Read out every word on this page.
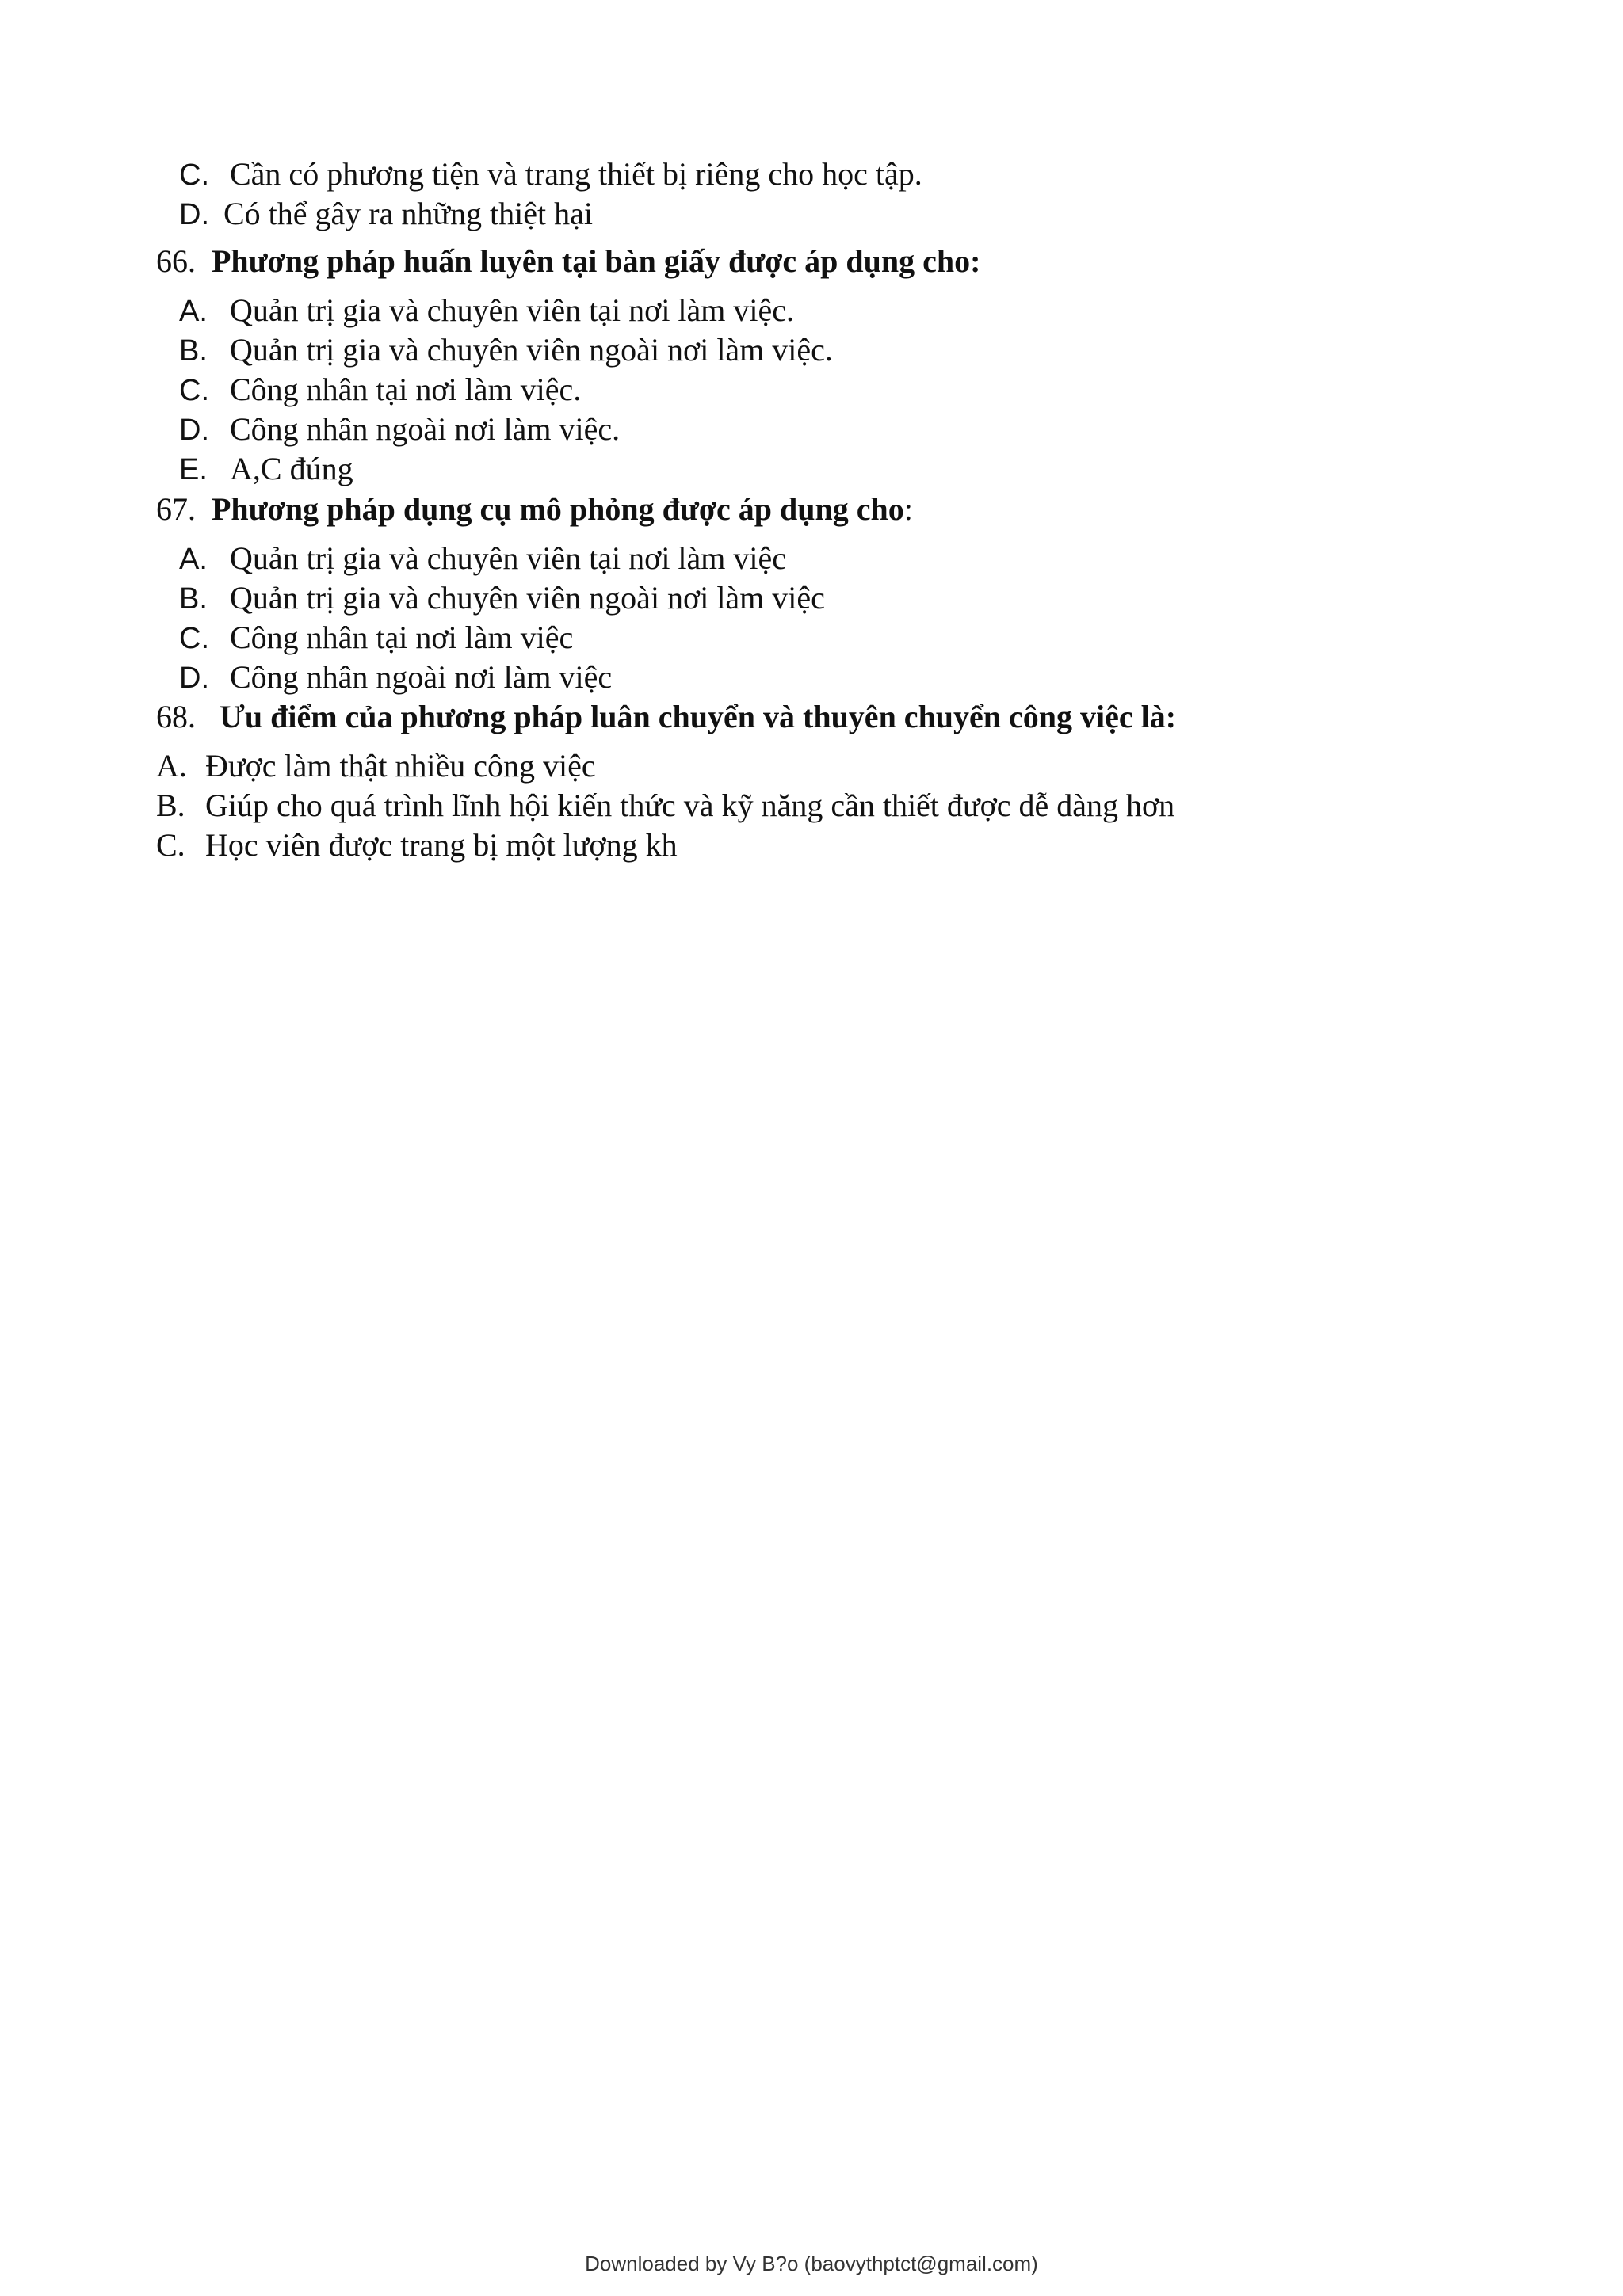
C. Cần có phương tiện và trang thiết bị riêng cho học tập.
D. Có thể gây ra những thiệt hại
66. Phương pháp huấn luyên tại bàn giấy được áp dụng cho:
A. Quản trị gia và chuyên viên tại nơi làm việc.
B. Quản trị gia và chuyên viên ngoài nơi làm việc.
C. Công nhân tại nơi làm việc.
D. Công nhân ngoài nơi làm việc.
E. A,C đúng
67. Phương pháp dụng cụ mô phỏng được áp dụng cho:
A. Quản trị gia và chuyên viên tại nơi làm việc
B. Quản trị gia và chuyên viên ngoài nơi làm việc
C. Công nhân tại nơi làm việc
D. Công nhân ngoài nơi làm việc
68. Ưu điểm của phương pháp luân chuyển và thuyên chuyển công việc là:
A. Được làm thật nhiều công việc
B. Giúp cho quá trình lĩnh hội kiến thức và kỹ năng cần thiết được dễ dàng hơn
C. Học viên được trang bị một lượng kh
Downloaded by Vy B?o (baovythptct@gmail.com)
